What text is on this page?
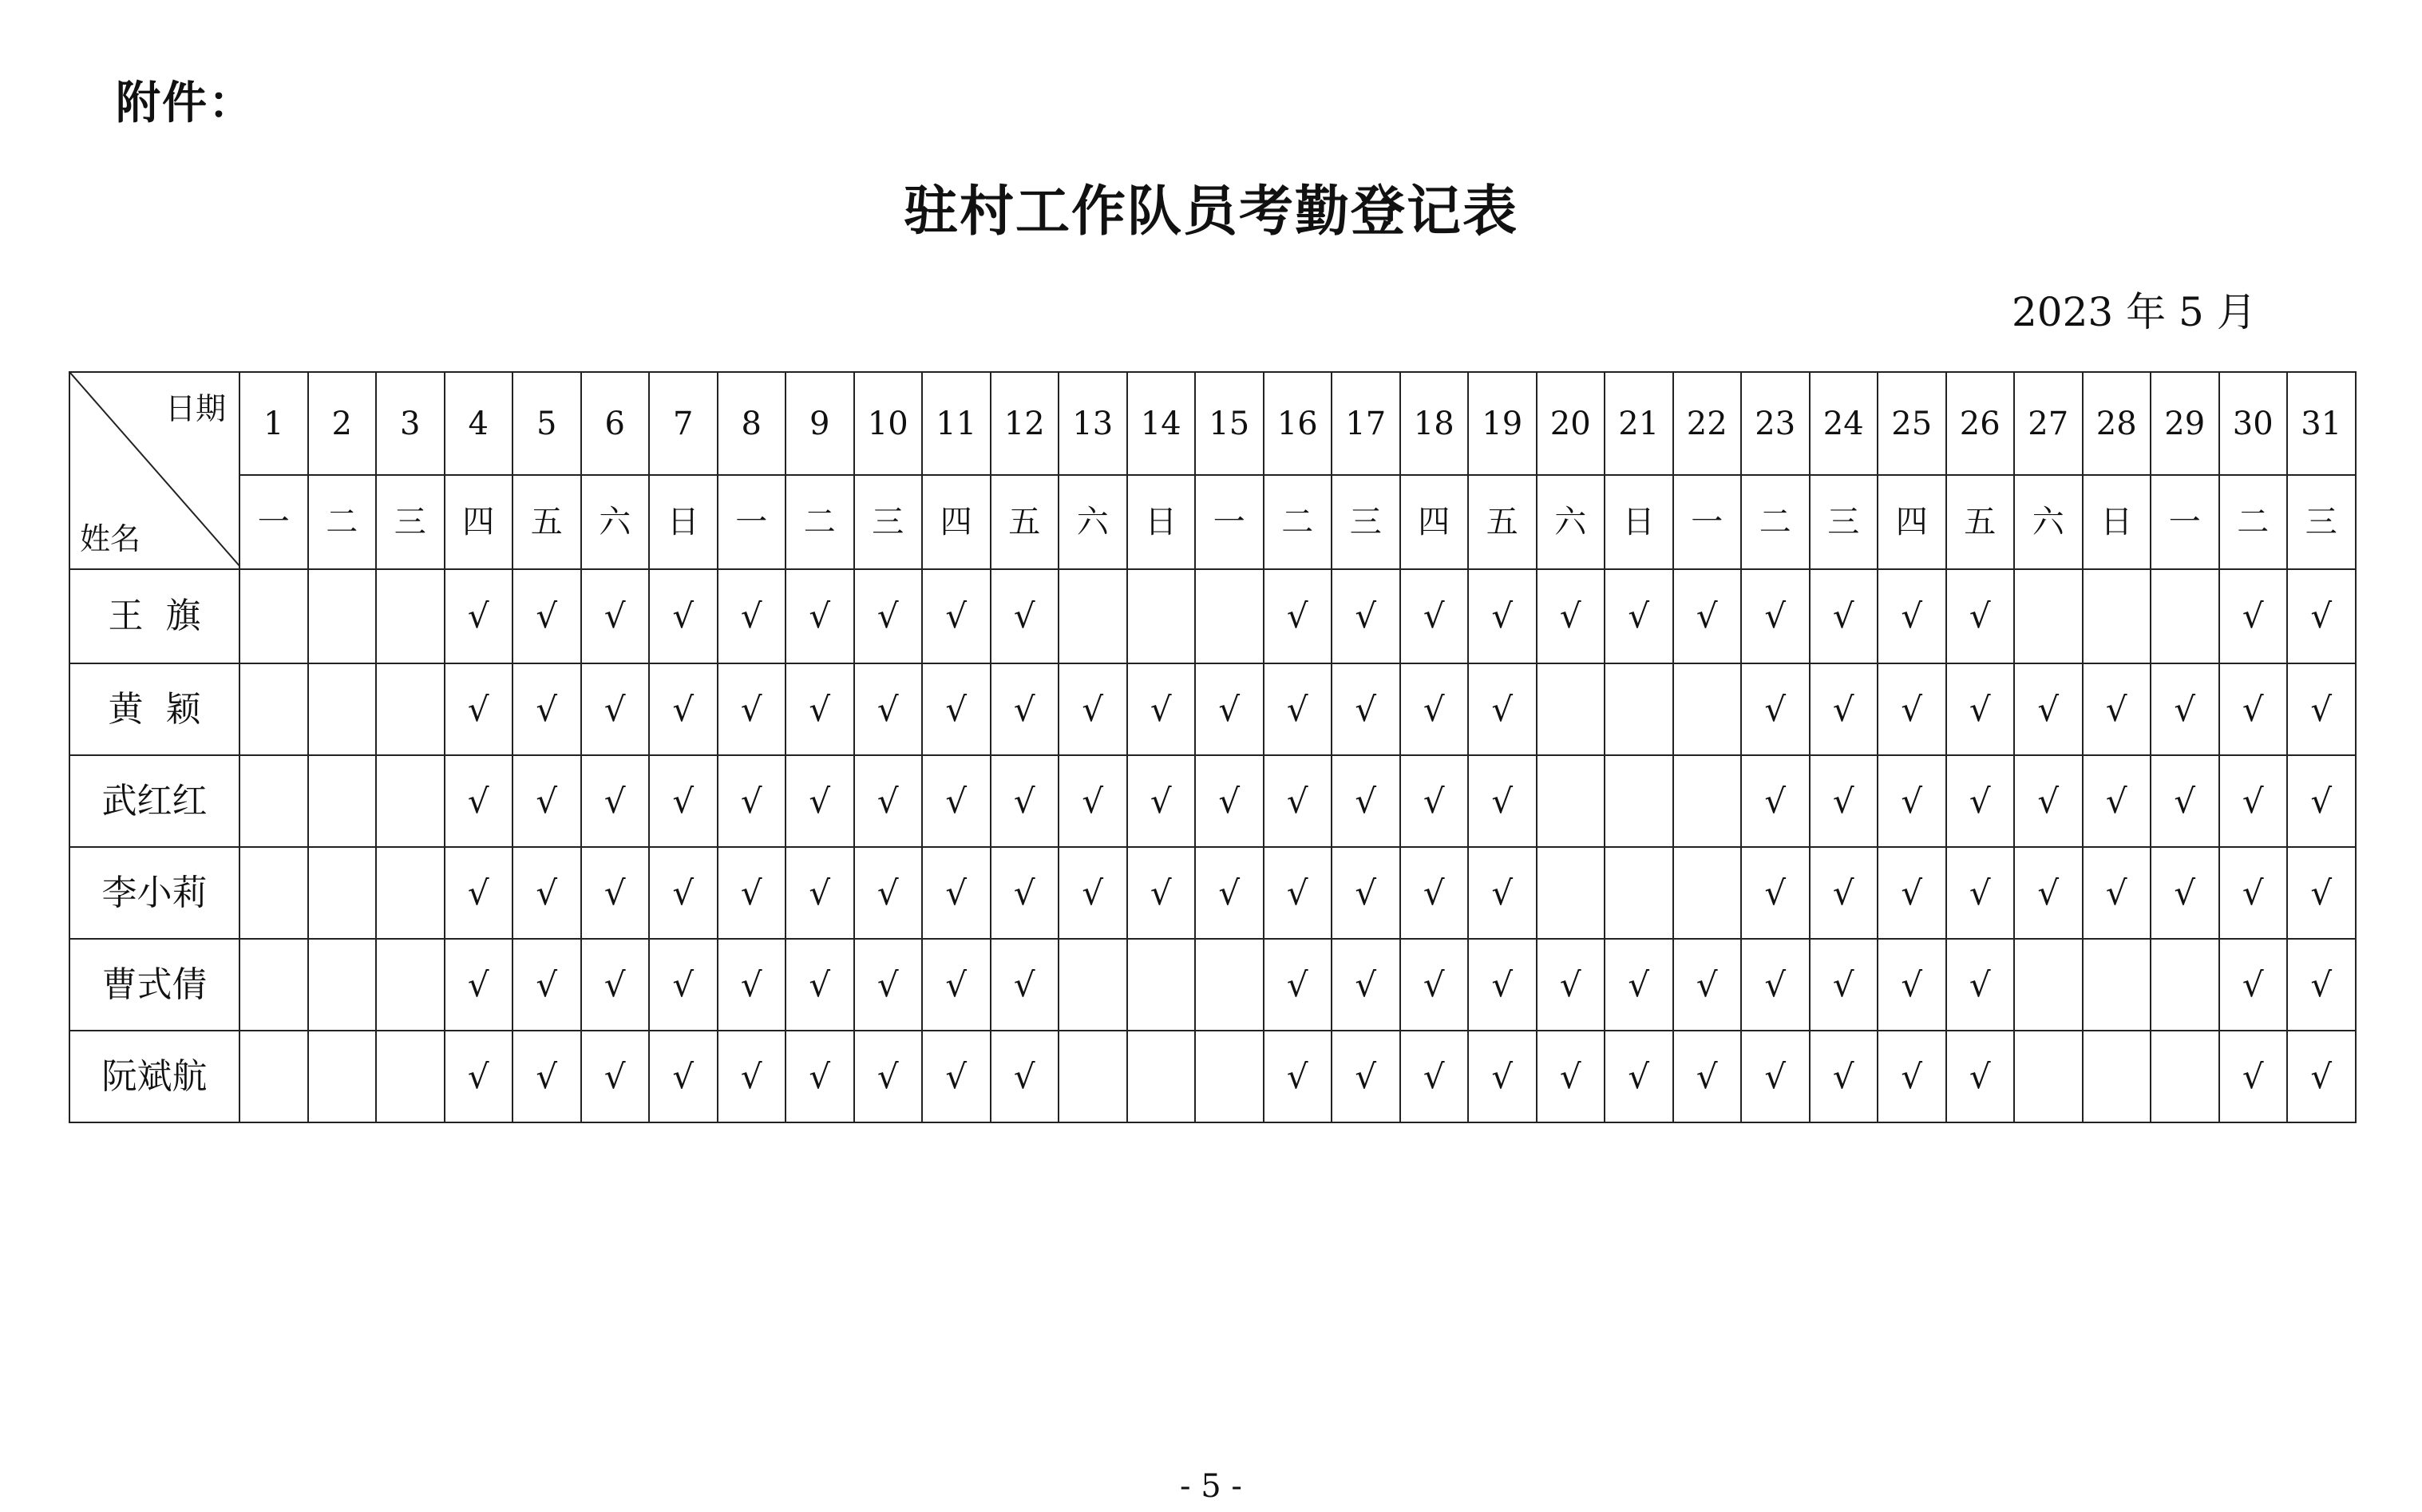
附件：
驻村工作队员考勤登记表
2023 年 5 月
日期
姓名	1	2	3	4	5	6	7	8	9	10	11	12	13	14	15	16	17	18	19	20	21	22	23	24	25	26	27	28	29	30	31
	一	二	三	四	五	六	日	一	二	三	四	五	六	日	一	二	三	四	五	六	日	一	二	三	四	五	六	日	一	二	三
王  旗				√	√	√	√	√	√	√	√	√				√	√	√	√	√	√	√	√	√	√	√				√	√
黄  颖				√	√	√	√	√	√	√	√	√	√	√	√	√	√	√	√				√	√	√	√	√	√	√	√	√
武红红				√	√	√	√	√	√	√	√	√	√	√	√	√	√	√	√				√	√	√	√	√	√	√	√	√
李小莉				√	√	√	√	√	√	√	√	√	√	√	√	√	√	√	√				√	√	√	√	√	√	√	√	√
曹式倩				√	√	√	√	√	√	√	√	√				√	√	√	√	√	√	√	√	√	√	√				√	√
阮斌航				√	√	√	√	√	√	√	√	√				√	√	√	√	√	√	√	√	√	√	√				√	√
- 5 -
